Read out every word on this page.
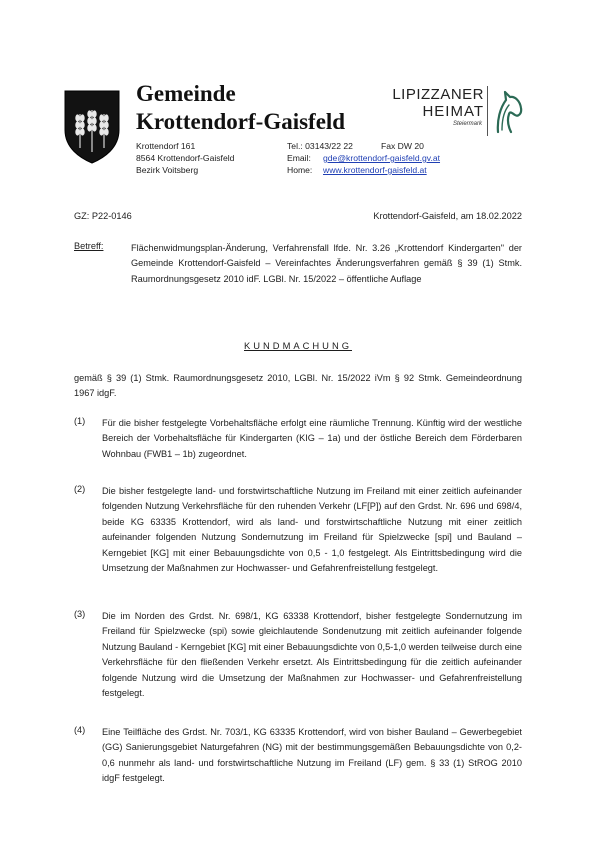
Gemeinde
Krottendorf-Gaisfeld
Krottendorf 161
8564 Krottendorf-Gaisfeld
Bezirk Voitsberg
Tel.: 03143/22 22	Fax DW 20
Email: gde@krottendorf-gaisfeld.gv.at
Home: www.krottendorf-gaisfeld.at
LIPIZZANER
HEIMAT
Steiermark
GZ: P22-0146	Krottendorf-Gaisfeld, am 18.02.2022
Betreff:	Flächenwidmungsplan-Änderung, Verfahrensfall lfde. Nr. 3.26 „Krottendorf Kindergarten" der Gemeinde Krottendorf-Gaisfeld – Vereinfachtes Änderungsverfahren gemäß § 39 (1) Stmk. Raumordnungsgesetz 2010 idF. LGBl. Nr. 15/2022 – öffentliche Auflage
KUNDMACHUNG
gemäß § 39 (1) Stmk. Raumordnungsgesetz 2010, LGBl. Nr. 15/2022 iVm § 92 Stmk. Gemeindeordnung 1967 idgF.
(1) Für die bisher festgelegte Vorbehaltsfläche erfolgt eine räumliche Trennung. Künftig wird der westliche Bereich der Vorbehaltsfläche für Kindergarten (KIG – 1a) und der östliche Bereich dem Förderbaren Wohnbau (FWB1 – 1b) zugeordnet.
(2) Die bisher festgelegte land- und forstwirtschaftliche Nutzung im Freiland mit einer zeitlich aufeinander folgenden Nutzung Verkehrsfläche für den ruhenden Verkehr (LF[P]) auf den Grdst. Nr. 696 und 698/4, beide KG 63335 Krottendorf, wird als land- und forstwirtschaftliche Nutzung mit einer zeitlich aufeinander folgenden Nutzung Sondernutzung im Freiland für Spielzwecke [spi] und Bauland – Kerngebiet [KG] mit einer Bebauungsdichte von 0,5 - 1,0 festgelegt. Als Eintrittsbedingung wird die Umsetzung der Maßnahmen zur Hochwasser- und Gefahrenfreistellung festgelegt.
(3) Die im Norden des Grdst. Nr. 698/1, KG 63338 Krottendorf, bisher festgelegte Sondernutzung im Freiland für Spielzwecke (spi) sowie gleichlautende Sondenutzung mit zeitlich aufeinander folgende Nutzung Bauland - Kerngebiet [KG] mit einer Bebauungsdichte von 0,5-1,0 werden teilweise durch eine Verkehrsfläche für den fließenden Verkehr ersetzt. Als Eintrittsbedingung für die zeitlich aufeinander folgende Nutzung wird die Umsetzung der Maßnahmen zur Hochwasser- und Gefahrenfreistellung festgelegt.
(4) Eine Teilfläche des Grdst. Nr. 703/1, KG 63335 Krottendorf, wird von bisher Bauland – Gewerbegebiet (GG) Sanierungsgebiet Naturgefahren (NG) mit der bestimmungsgemäßen Bebauungsdichte von 0,2-0,6 nunmehr als land- und forstwirtschaftliche Nutzung im Freiland (LF) gem. § 33 (1) StROG 2010 idgF festgelegt.
